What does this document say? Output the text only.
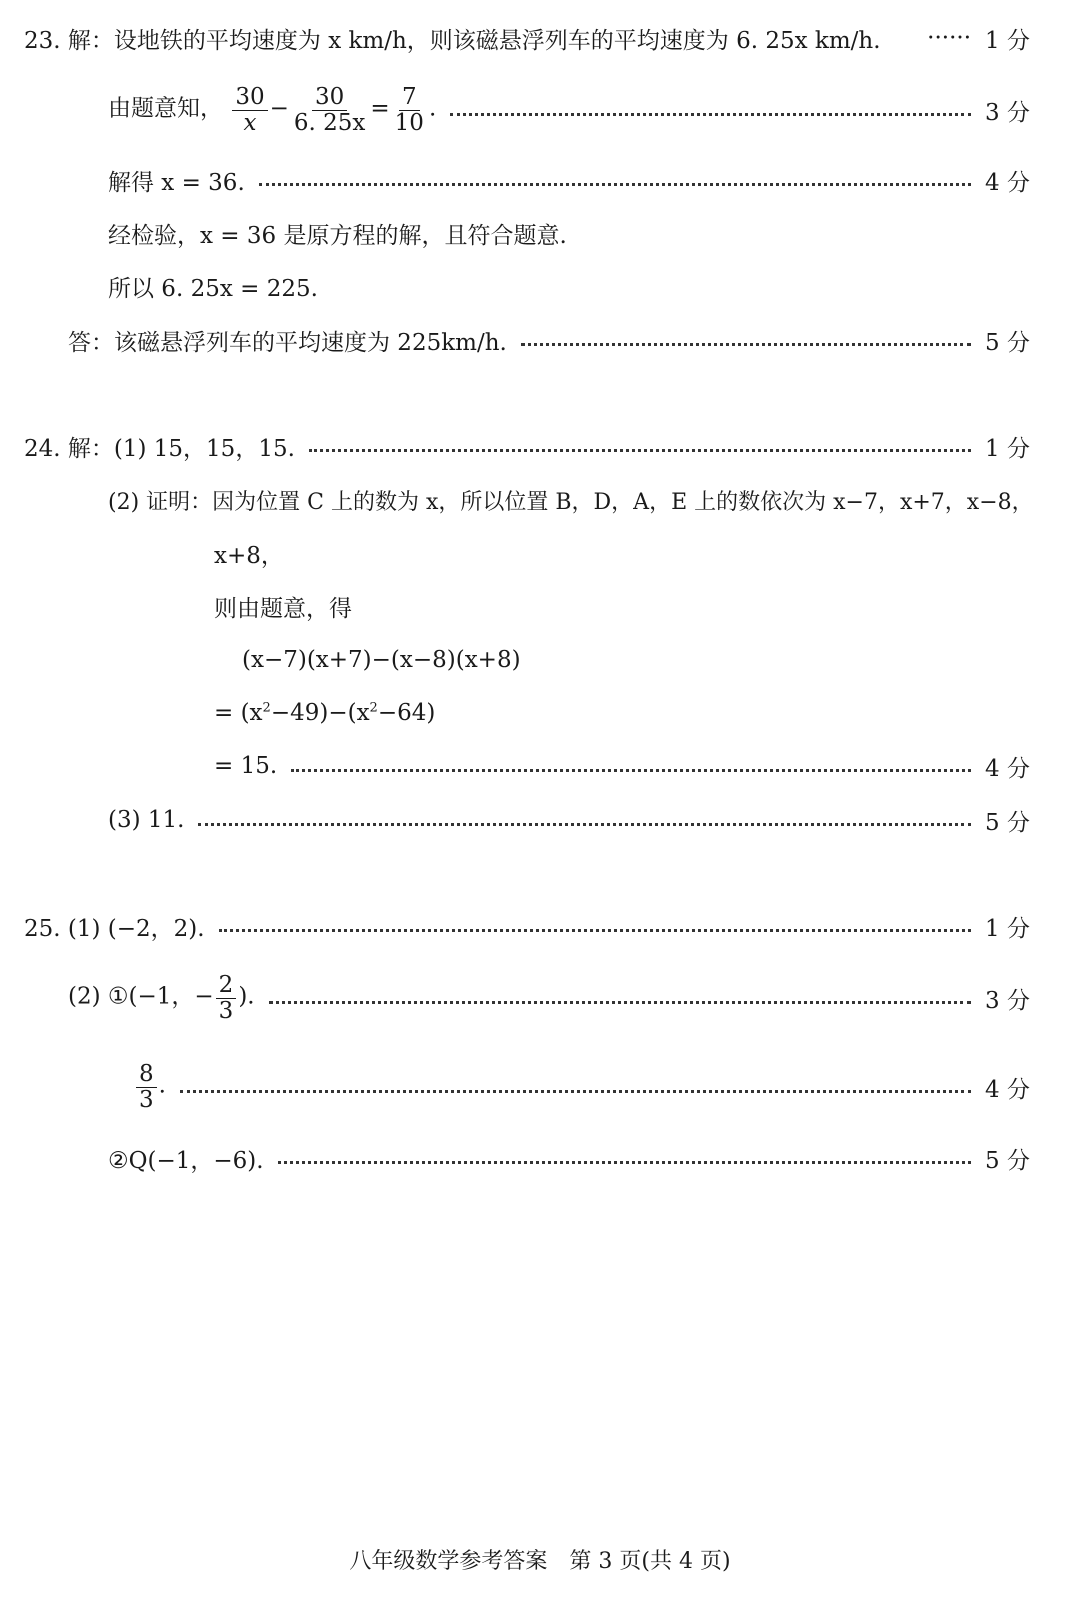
23. 解：设地铁的平均速度为 x km/h，则该磁悬浮列车的平均速度为 6. 25x km/h.	······ 1 分
由题意知， $\frac{30}{x} - \frac{30}{6. 25x} = \frac{7}{10}$ .	3 分
解得 x = 36.	4 分
经检验，x = 36 是原方程的解，且符合题意.
所以 6. 25x = 225.
答：该磁悬浮列车的平均速度为 225km/h.	5 分
24. 解：(1) 15，15，15.	1 分
(2) 证明：因为位置 C 上的数为 x，所以位置 B，D，A，E 上的数依次为 x−7，x+7，x−8，
x+8，
则由题意，得
(x−7)(x+7)−(x−8)(x+8)
= $(x^2-49)-(x^2-64)$
= 15.	4 分
(3) 11.	5 分
25. (1) (−2，2).	1 分
(2) ①(−1，− $\frac{2}{3}$ ).	3 分
$\frac{8}{3}$ .	4 分
②Q(−1，−6).	5 分
八年级数学参考答案　第 3 页(共 4 页)
